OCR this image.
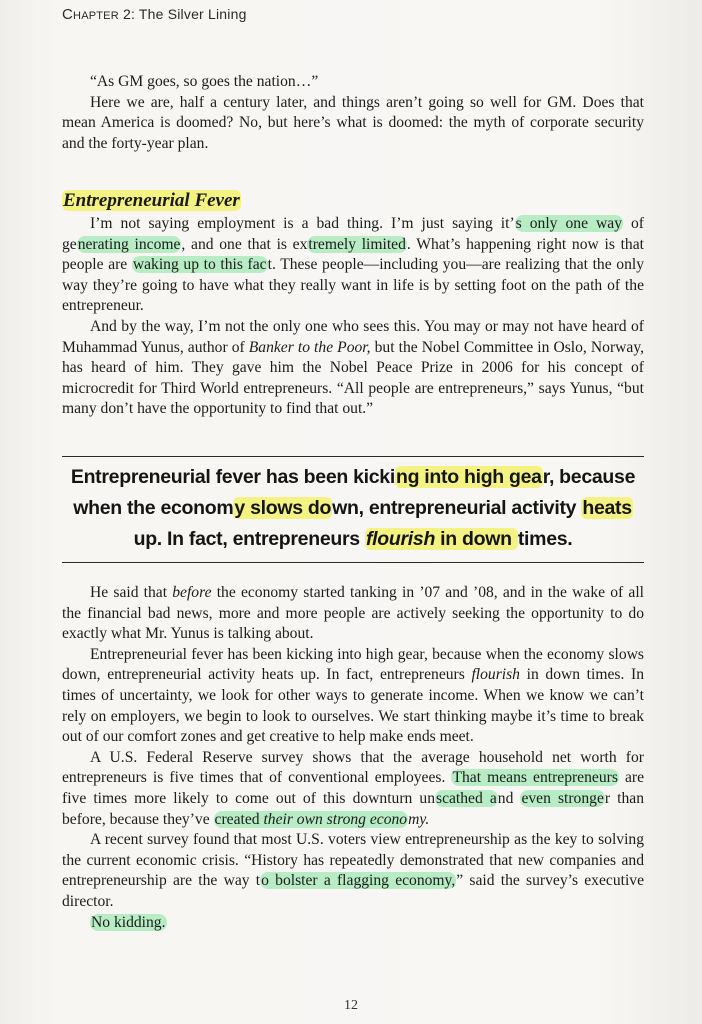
CHAPTER 2: The Silver Lining

“As GM goes, so goes the nation…”

Here we are, half a century later, and things aren’t going so well for GM. Does that mean America is doomed? No, but here’s what is doomed: the myth of corporate security and the forty-year plan.

Entrepreneurial Fever

I’m not saying employment is a bad thing. I’m just saying it’s only one way of generating income, and one that is extremely limited. What’s happening right now is that people are waking up to this fact. These people—including you—are realizing that the only way they’re going to have what they really want in life is by setting foot on the path of the entrepreneur.

And by the way, I’m not the only one who sees this. You may or may not have heard of Muhammad Yunus, author of Banker to the Poor, but the Nobel Committee in Oslo, Norway, has heard of him. They gave him the Nobel Peace Prize in 2006 for his concept of microcredit for Third World entrepreneurs. “All people are entrepreneurs,” says Yunus, “but many don’t have the opportunity to find that out.”

Entrepreneurial fever has been kicking into high gear, because when the economy slows down, entrepreneurial activity heats up. In fact, entrepreneurs flourish in down times.

He said that before the economy started tanking in ’07 and ’08, and in the wake of all the financial bad news, more and more people are actively seeking the opportunity to do exactly what Mr. Yunus is talking about.

Entrepreneurial fever has been kicking into high gear, because when the economy slows down, entrepreneurial activity heats up. In fact, entrepreneurs flourish in down times. In times of uncertainty, we look for other ways to generate income. When we know we can’t rely on employers, we begin to look to ourselves. We start thinking maybe it’s time to break out of our comfort zones and get creative to help make ends meet.

A U.S. Federal Reserve survey shows that the average household net worth for entrepreneurs is five times that of conventional employees. That means entrepreneurs are five times more likely to come out of this downturn unscathed and even stronger than before, because they’ve created their own strong economy.

A recent survey found that most U.S. voters view entrepreneurship as the key to solving the current economic crisis. “History has repeatedly demonstrated that new companies and entrepreneurship are the way to bolster a flagging economy,” said the survey’s executive director.

No kidding.

12
